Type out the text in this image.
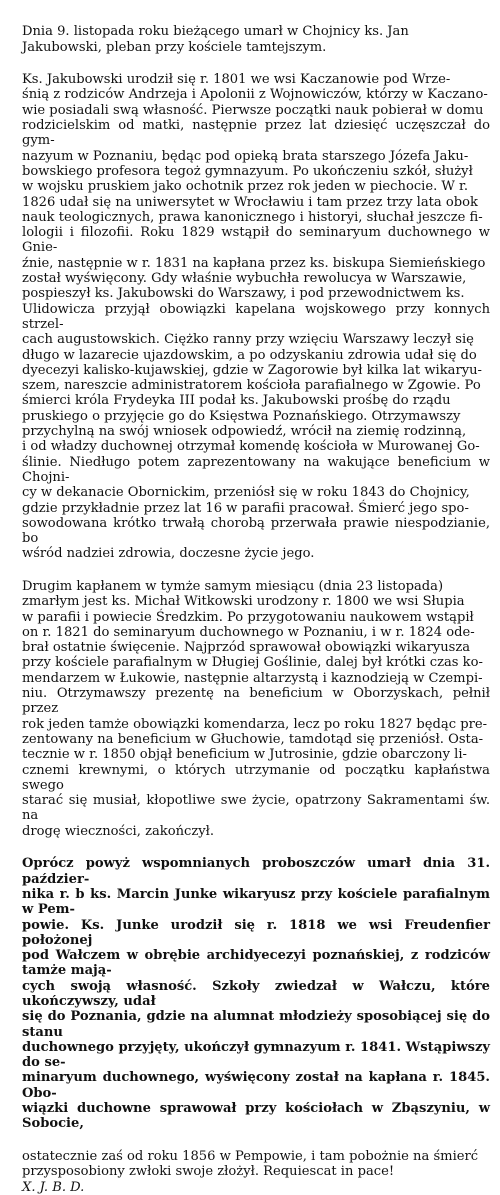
Dnia 9. listopada roku bieżącego umarł w Chojnicy ks. Jan
Jakubowski, pleban przy kościele tamtejszym.

Ks. Jakubowski urodził się r. 1801 we wsi Kaczanowie pod Wrze-
śnią z rodziców Andrzeja i Apolonii z Wojnowiczów, którzy w Kaczano-
wie posiadali swą własność. Pierwsze początki nauk pobierał w domu
rodzicielskim od matki, następnie przez lat dziesięć uczęszczał do gym-
nazyum w Poznaniu, będąc pod opieką brata starszego Józefa Jaku-
bowskiego profesora tegoż gymnazyum. Po ukończeniu szkół, służył
w wojsku pruskiem jako ochotnik przez rok jeden w piechocie. W r.
1826 udał się na uniwersytet w Wrocławiu i tam przez trzy lata obok
nauk teologicznych, prawa kanonicznego i historyi, słuchał jeszcze fi-
lologii i filozofii. Roku 1829 wstąpił do seminaryum duchownego w Gnie-
źnie, następnie w r. 1831 na kapłana przez ks. biskupa Siemieńskiego
został wyświęcony. Gdy właśnie wybuchła rewolucya w Warszawie,
pospieszył ks. Jakubowski do Warszawy, i pod przewodnictwem ks.
Ulidowicza przyjął obowiązki kapelana wojskowego przy konnych strzel-
cach augustowskich. Ciężko ranny przy wzięciu Warszawy leczył się
długo w lazarecie ujazdowskim, a po odzyskaniu zdrowia udał się do
dyecezyi kalisko-kujawskiej, gdzie w Zagorowie był kilka lat wikaryu-
szem, nareszcie administratorem kościoła parafialnego w Zgowie. Po
śmierci króla Frydeyka III podał ks. Jakubowski prośbę do rządu
pruskiego o przyjęcie go do Księstwa Poznańskiego. Otrzymawszy
przychylną na swój wniosek odpowiedź, wrócił na ziemię rodzinną,
i od władzy duchownej otrzymał komendę kościoła w Murowanej Go-
ślinie. Niedługo potem zaprezentowany na wakujące beneficium w Chojni-
cy w dekanacie Obornickim, przeniósł się w roku 1843 do Chojnicy,
gdzie przykładnie przez lat 16 w parafii pracował. Śmierć jego spo-
sowodowana krótko trwałą chorobą przerwała prawie niespodzianie, bo
wśród nadziei zdrowia, doczesne życie jego.

Drugim kapłanem w tymże samym miesiącu (dnia 23 listopada)
zmarłym jest ks. Michał Witkowski urodzony r. 1800 we wsi Słupia
w parafii i powiecie Średzkim. Po przygotowaniu naukowem wstąpił
on r. 1821 do seminaryum duchownego w Poznaniu, i w r. 1824 ode-
brał ostatnie święcenie. Najprzód sprawował obowiązki wikaryusza
przy kościele parafialnym w Długiej Goślinie, dalej był krótki czas ko-
mendarzem w Łukowie, następnie altarzystą i kaznodzieją w Czempi-
niu. Otrzymawszy prezentę na beneficium w Oborzyskach, pełnił przez
rok jeden tamże obowiązki komendarza, lecz po roku 1827 będąc pre-
zentowany na beneficium w Głuchowie, tamdotąd się przeniósł. Osta-
tecznie w r. 1850 objął beneficium w Jutrosinie, gdzie obarczony li-
cznemi krewnymi, o których utrzymanie od początku kapłaństwa swego
starać się musiał, kłopotliwe swe życie, opatrzony Sakramentami św. na
drogę wieczności, zakończył.

Oprócz powyż wspomnianych proboszczów umarł dnia 31. paździer-
nika r. b ks. Marcin Junke wikaryusz przy kościele parafialnym w Pem-
powie. Ks. Junke urodził się r. 1818 we wsi Freudenfier położonej
pod Wałczem w obrębie archidyecezyi poznańskiej, z rodziców tamże mają-
cych swoją własność. Szkoły zwiedzał w Wałczu, które ukończywszy, udał
się do Poznania, gdzie na alumnat młodzieży sposobiącej się do stanu
duchownego przyjęty, ukończył gymnazyum r. 1841. Wstąpiwszy do se-
minaryum duchownego, wyświęcony został na kapłana r. 1845. Obo-
wiązki duchowne sprawował przy kościołach w Zbąszyniu, w Sobocie,

ostatecznie zaś od roku 1856 w Pempowie, i tam pobożnie na śmierć
przysposobiony zwłoki swoje złożył. Requiescat in pace!
X. J. B. D.
